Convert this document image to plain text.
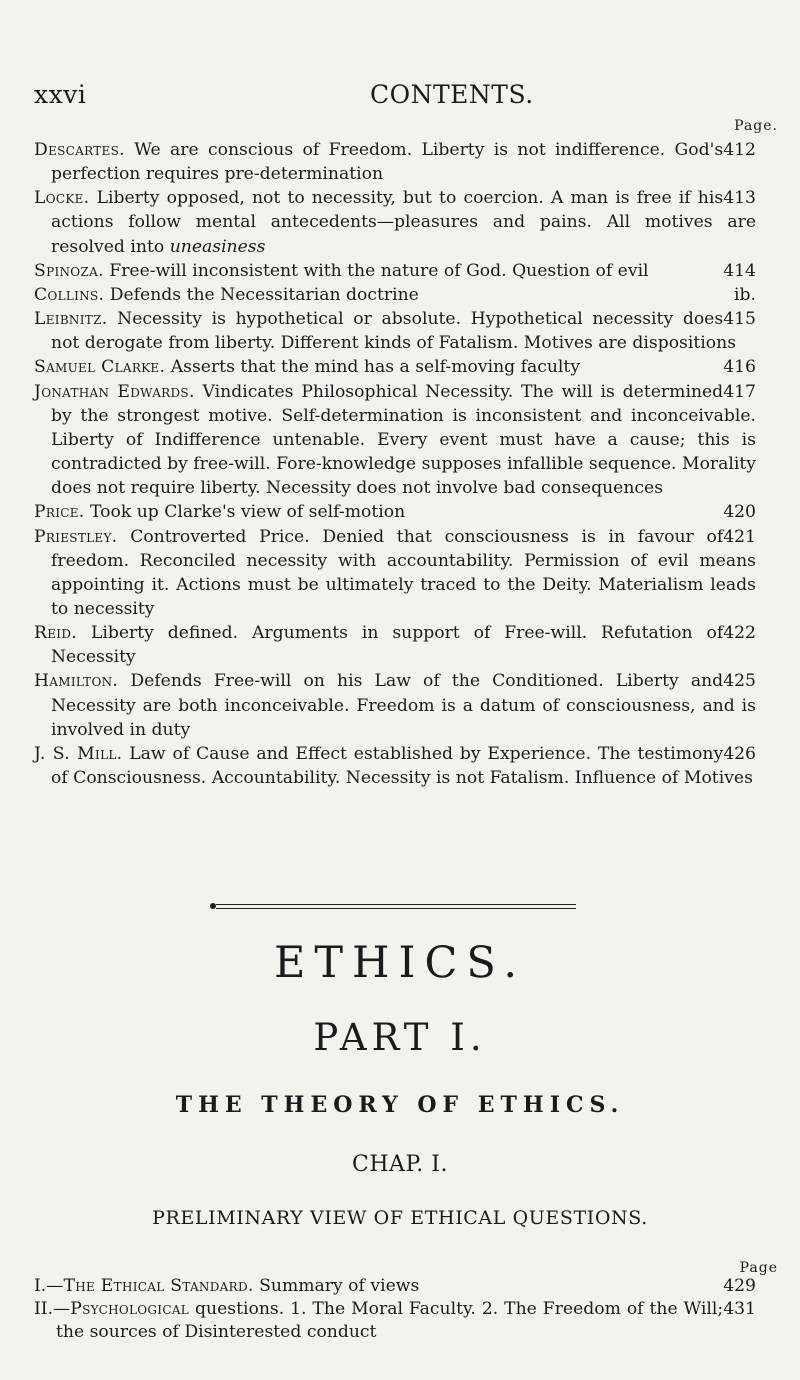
xxvi	CONTENTS.
Page.
412
Descartes. We are conscious of Freedom. Liberty is not indifference. God's perfection requires pre-determination
413
Locke. Liberty opposed, not to necessity, but to coercion. A man is free if his actions follow mental antecedents—pleasures and pains. All motives are resolved into uneasiness
414
Spinoza. Free-will inconsistent with the nature of God. Question of evil
ib.
Collins. Defends the Necessitarian doctrine
415
Leibnitz. Necessity is hypothetical or absolute. Hypothetical necessity does not derogate from liberty. Different kinds of Fatalism. Motives are dispositions
416
Samuel Clarke. Asserts that the mind has a self-moving faculty
417
Jonathan Edwards. Vindicates Philosophical Necessity. The will is determined by the strongest motive. Self-determination is inconsistent and inconceivable. Liberty of Indifference untenable. Every event must have a cause; this is contradicted by free-will. Fore-knowledge supposes infallible sequence. Morality does not require liberty. Necessity does not involve bad consequences
420
Price. Took up Clarke's view of self-motion
421
Priestley. Controverted Price. Denied that consciousness is in favour of freedom. Reconciled necessity with accountability. Permission of evil means appointing it. Actions must be ultimately traced to the Deity. Materialism leads to necessity
422
Reid. Liberty defined. Arguments in support of Free-will. Refutation of Necessity
425
Hamilton. Defends Free-will on his Law of the Conditioned. Liberty and Necessity are both inconceivable. Freedom is a datum of consciousness, and is involved in duty
426
J. S. Mill. Law of Cause and Effect established by Experience. The testimony of Consciousness. Accountability. Necessity is not Fatalism. Influence of Motives
ETHICS.
PART I.
THE THEORY OF ETHICS.
CHAP. I.
PRELIMINARY VIEW OF ETHICAL QUESTIONS.
Page
429
I.—The Ethical Standard. Summary of views
431
II.—Psychological questions. 1. The Moral Faculty. 2. The Freedom of the Will; the sources of Disinterested conduct
